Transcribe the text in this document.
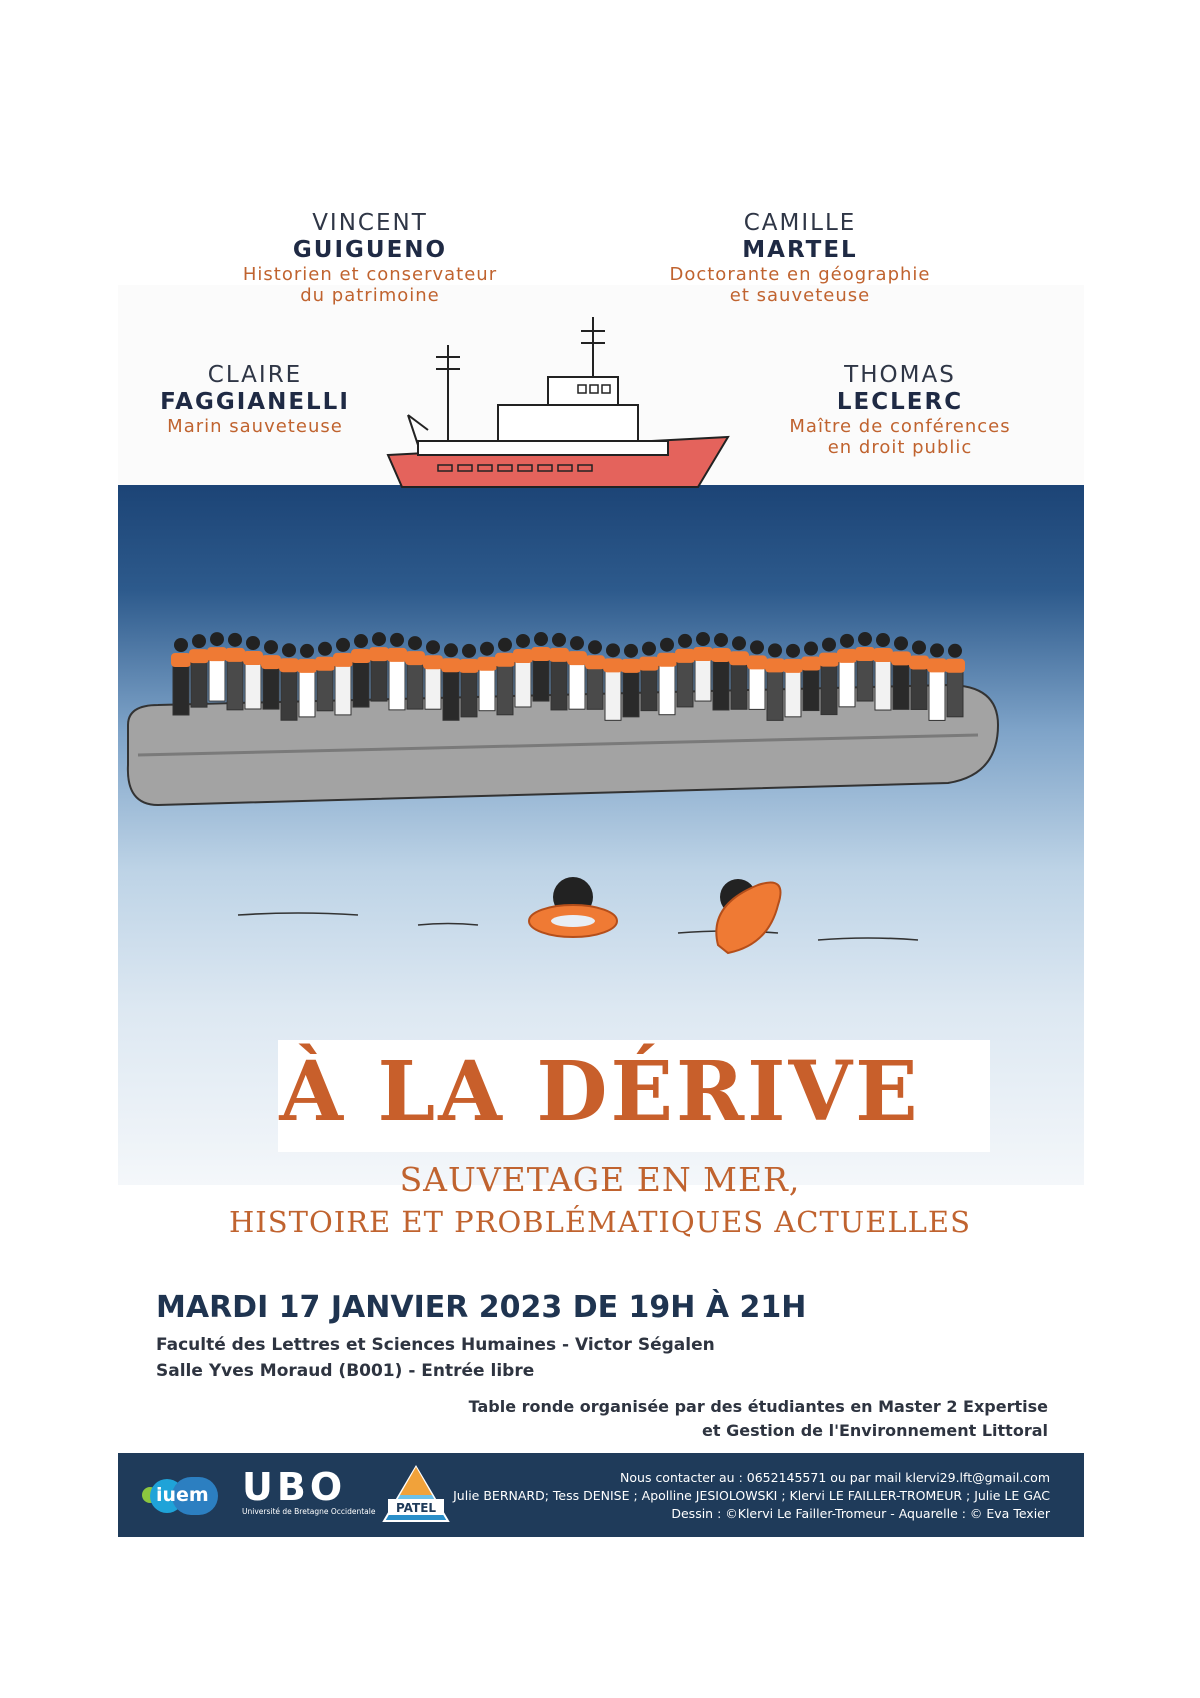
VINCENT
GUIGUENO
Historien et conservateur
du patrimoine
CAMILLE
MARTEL
Doctorante en géographie
et sauveteuse
CLAIRE
FAGGIANELLI
Marin sauveteuse
THOMAS
LECLERC
Maître de conférences
en droit public
À LA DÉRIVE
SAUVETAGE EN MER,
HISTOIRE ET PROBLÉMATIQUES ACTUELLES
MARDI 17 JANVIER 2023 DE 19H À 21H
Faculté des Lettres et Sciences Humaines - Victor Ségalen
Salle Yves Moraud (B001) - Entrée libre
Table ronde organisée par des étudiantes en Master 2 Expertise
et Gestion de l'Environnement Littoral
iuem UBO
Université de Bretagne Occidentale PATEL
Nous contacter au : 0652145571 ou par mail klervi29.lft@gmail.com
Julie BERNARD; Tess DENISE ; Apolline JESIOLOWSKI ; Klervi LE FAILLER-TROMEUR ; Julie LE GAC
Dessin : ©Klervi Le Failler-Tromeur - Aquarelle : © Eva Texier
